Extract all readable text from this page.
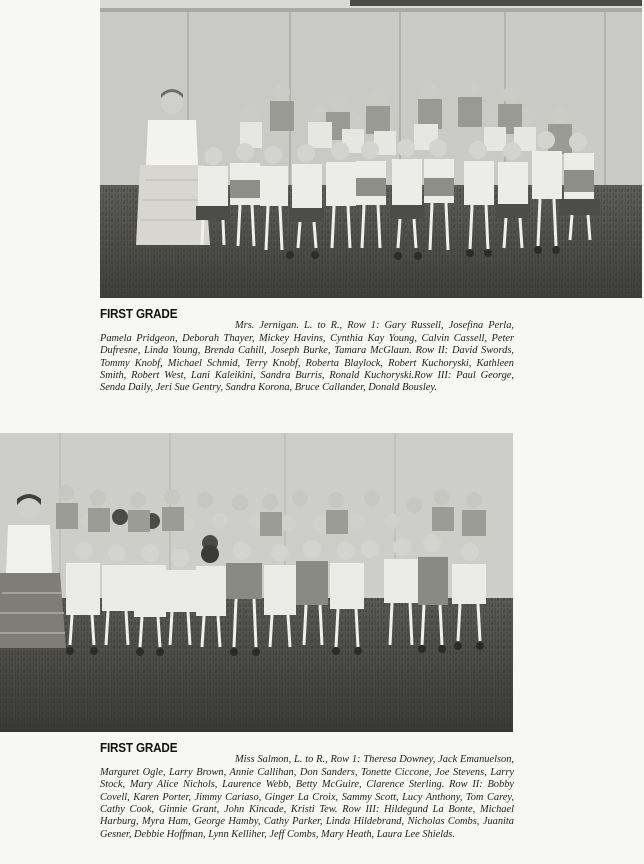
FIRST GRADE

Mrs. Jernigan. L. to R., Row 1: Gary Russell, Josefina Perla, Pamela Pridgeon, Deborah Thayer, Mickey Havins, Cynthia Kay Young, Calvin Cassell, Peter Dufresne, Linda Young, Brenda Cahill, Joseph Burke, Tamara McGlaun. Row II: David Swords, Tommy Knobf, Michael Schmid, Terry Knobf, Roberta Blaylock, Robert Kuchoryski, Kathleen Smith, Robert West, Lani Kaleikini, Sandra Burris, Ronald Kuchoryski.Row III: Paul George, Senda Daily, Jeri Sue Gentry, Sandra Korona, Bruce Callander, Donald Bousley.

FIRST GRADE

Miss Salmon, L. to R., Row 1: Theresa Downey, Jack Emanuelson, Marguret Ogle, Larry Brown, Annie Callihan, Don Sanders, Tonette Ciccone, Joe Stevens, Larry Stock, Mary Alice Nichols, Laurence Webb, Betty McGuire, Clarence Sterling. Row II: Bobby Covell, Karen Porter, Jimmy Cariaso, Ginger La Croix, Sammy Scott, Lucy Anthony, Tom Carey, Cathy Cook, Ginnie Grant, John Kincade, Kristi Tew. Row III: Hildegund La Bonte, Michael Harburg, Myra Ham, George Hamby, Cathy Parker, Linda Hildebrand, Nicholas Combs, Juanita Gesner, Debbie Hoffman, Lynn Kelliher, Jeff Combs, Mary Heath, Laura Lee Shields.
